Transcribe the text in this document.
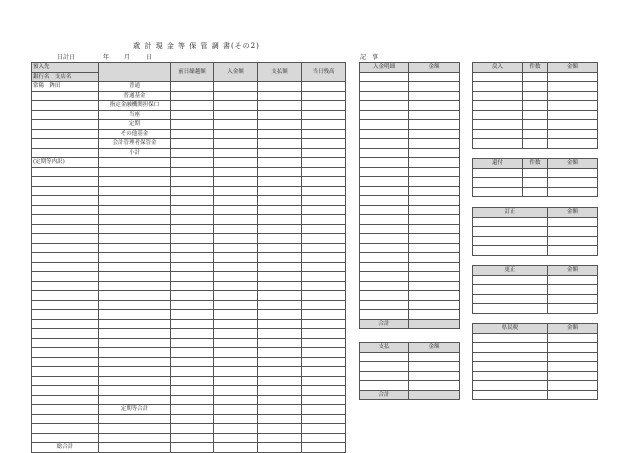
歳 計 現 金 等 保 管 調 書(その2)
日計日	年 月	日	記　事
預入先		前日繰越額	入金額	支払額	当日残高
銀行名　支店名					
常陽　鉾田	普通				
	普通基金				
	指定金融機関担保口				
	当座				
	定期				
	その他基金				
	会計管理者保管金				
	小計				
(定期等内訳)					

	定期等合計				

総合計					
入金明細	金額

合計	
支払	金額

合計	
戻入	件数	金額

還付	件数	金額

訂正	金額

更正	金額

県民税	金額
